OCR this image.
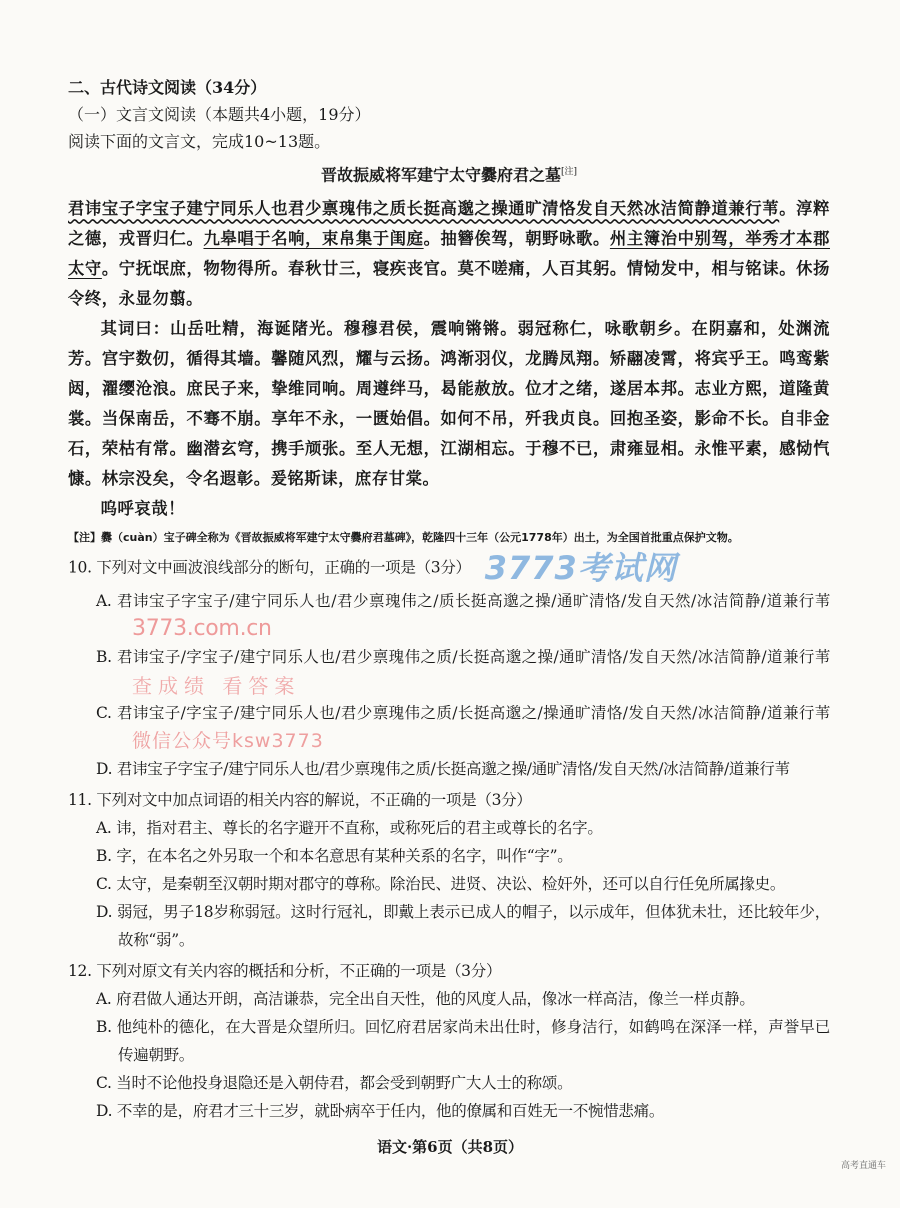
二、古代诗文阅读（34分）
（一）文言文阅读（本题共4小题，19分）
阅读下面的文言文，完成10~13题。
晋故振威将军建宁太守爨府君之墓[注]

君讳宝子字宝子建宁同乐人也君少禀瑰伟之质长挺高邈之操通旷清恪发自天然冰洁简静道兼行苇。淳粹之德，戎晋归仁。九皋唱于名响，束帛集于闺庭。抽簪俟驾，朝野咏歌。州主簿治中别驾，举秀才本郡太守。宁抚氓庶，物物得所。春秋廿三，寝疾丧官。莫不嗟痛，人百其躬。情恸发中，相与铭诔。休扬令终，永显勿翦。

其词曰：山岳吐精，海诞陼光。穆穆君侯，震响锵锵。弱冠称仁，咏歌朝乡。在阴嘉和，处渊流芳。宫宇数仞，循得其墙。馨随风烈，耀与云扬。鸿渐羽仪，龙腾凤翔。矫翮凌霄，将宾乎王。鸣鸾紫闼，濯缨沧浪。庶民子来，挚维同响。周遵绊马，曷能赦放。位才之绪，遂居本邦。志业方熙，道隆黄裳。当保南岳，不骞不崩。享年不永，一匮始倡。如何不吊，歼我贞良。回抱圣姿，影命不长。自非金石，荣枯有常。幽潜玄穹，携手颃张。至人无想，江湖相忘。于穆不已，肃雍显相。永惟平素，感恸忾慷。林宗没矣，令名遐彰。爰铭斯诔，庶存甘棠。

呜呼哀哉！

【注】爨（cuàn）宝子碑全称为《晋故振威将军建宁太守爨府君墓碑》，乾隆四十三年（公元1778年）出土，为全国首批重点保护文物。
10. 下列对文中画波浪线部分的断句，正确的一项是（3分） 3773考试网
A. 君讳宝子字宝子/建宁同乐人也/君少禀瑰伟之/质长挺高邈之操/通旷清恪/发自天然/冰洁简静/道兼行苇3773.com.cn
B. 君讳宝子/字宝子/建宁同乐人也/君少禀瑰伟之质/长挺高邈之操/通旷清恪/发自天然/冰洁简静/道兼行苇查成绩 看答案
C. 君讳宝子/字宝子/建宁同乐人也/君少禀瑰伟之质/长挺高邈之/操通旷清恪/发自天然/冰洁简静/道兼行苇微信公众号ksw3773
D. 君讳宝子字宝子/建宁同乐人也/君少禀瑰伟之质/长挺高邈之操/通旷清恪/发自天然/冰洁简静/道兼行苇
11. 下列对文中加点词语的相关内容的解说，不正确的一项是（3分）
A. 讳，指对君主、尊长的名字避开不直称，或称死后的君主或尊长的名字。
B. 字，在本名之外另取一个和本名意思有某种关系的名字，叫作“字”。
C. 太守，是秦朝至汉朝时期对郡守的尊称。除治民、进贤、决讼、检奸外，还可以自行任免所属掾史。
D. 弱冠，男子18岁称弱冠。这时行冠礼，即戴上表示已成人的帽子，以示成年，但体犹未壮，还比较年少，故称“弱”。
12. 下列对原文有关内容的概括和分析，不正确的一项是（3分）
A. 府君做人通达开朗，高洁谦恭，完全出自天性，他的风度人品，像冰一样高洁，像兰一样贞静。
B. 他纯朴的德化，在大晋是众望所归。回忆府君居家尚未出仕时，修身洁行，如鹤鸣在深泽一样，声誉早已传遍朝野。
C. 当时不论他投身退隐还是入朝侍君，都会受到朝野广大人士的称颂。
D. 不幸的是，府君才三十三岁，就卧病卒于任内，他的僚属和百姓无一不惋惜悲痛。
语文·第6页（共8页）
高考直通车
